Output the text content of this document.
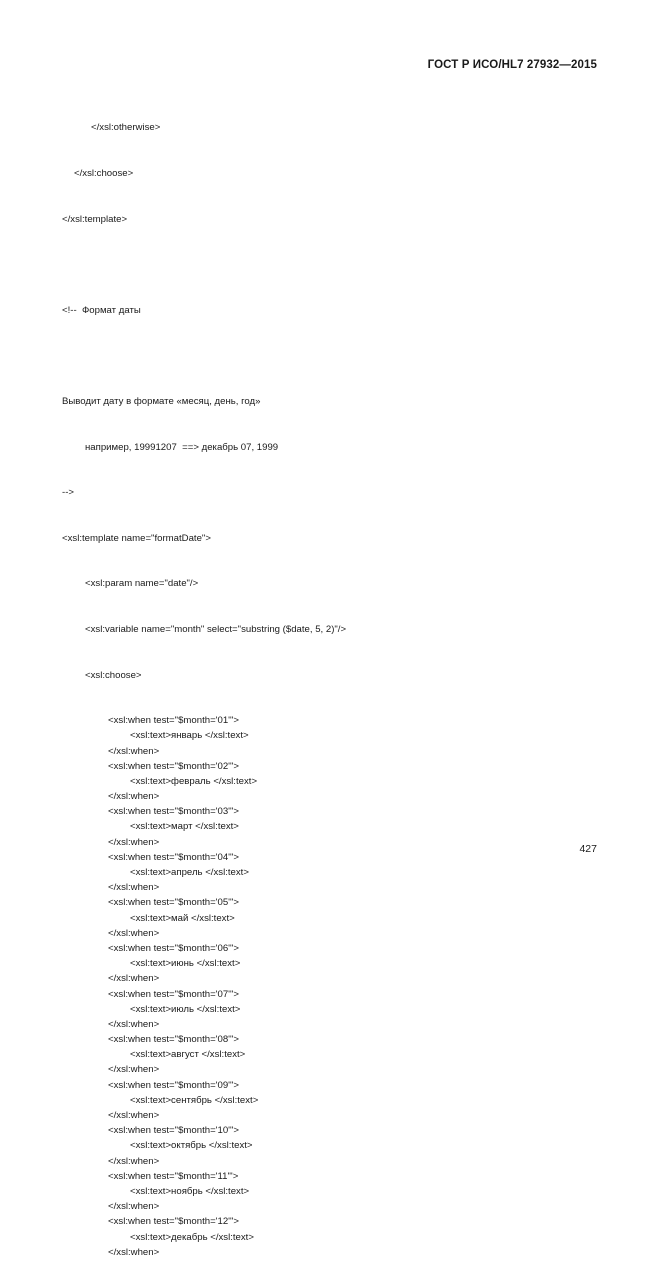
ГОСТ Р ИСО/HL7 27932—2015

</xsl:otherwise>

</xsl:choose>

</xsl:template>

<!--  Формат даты

Выводит дату в формате «месяц, день, год»

например, 19991207  ==> декабрь 07, 1999

-->

<xsl:template name="formatDate">

<xsl:param name="date"/>

<xsl:variable name="month" select="substring ($date, 5, 2)"/>

<xsl:choose>

<xsl:when test="$month='01'">
<xsl:text>январь </xsl:text>
</xsl:when>
<xsl:when test="$month='02'">
<xsl:text>февраль </xsl:text>
</xsl:when>
<xsl:when test="$month='03'">
<xsl:text>март </xsl:text>
</xsl:when>
<xsl:when test="$month='04'">
<xsl:text>апрель </xsl:text>
</xsl:when>
<xsl:when test="$month='05'">
<xsl:text>май </xsl:text>
</xsl:when>
<xsl:when test="$month='06'">
<xsl:text>июнь </xsl:text>
</xsl:when>
<xsl:when test="$month='07'">
<xsl:text>июль </xsl:text>
</xsl:when>
<xsl:when test="$month='08'">
<xsl:text>август </xsl:text>
</xsl:when>
<xsl:when test="$month='09'">
<xsl:text>сентябрь </xsl:text>
</xsl:when>
<xsl:when test="$month='10'">
<xsl:text>октябрь </xsl:text>
</xsl:when>
<xsl:when test="$month='11'">
<xsl:text>ноябрь </xsl:text>
</xsl:when>
<xsl:when test="$month='12'">
<xsl:text>декабрь </xsl:text>
</xsl:when>

427
